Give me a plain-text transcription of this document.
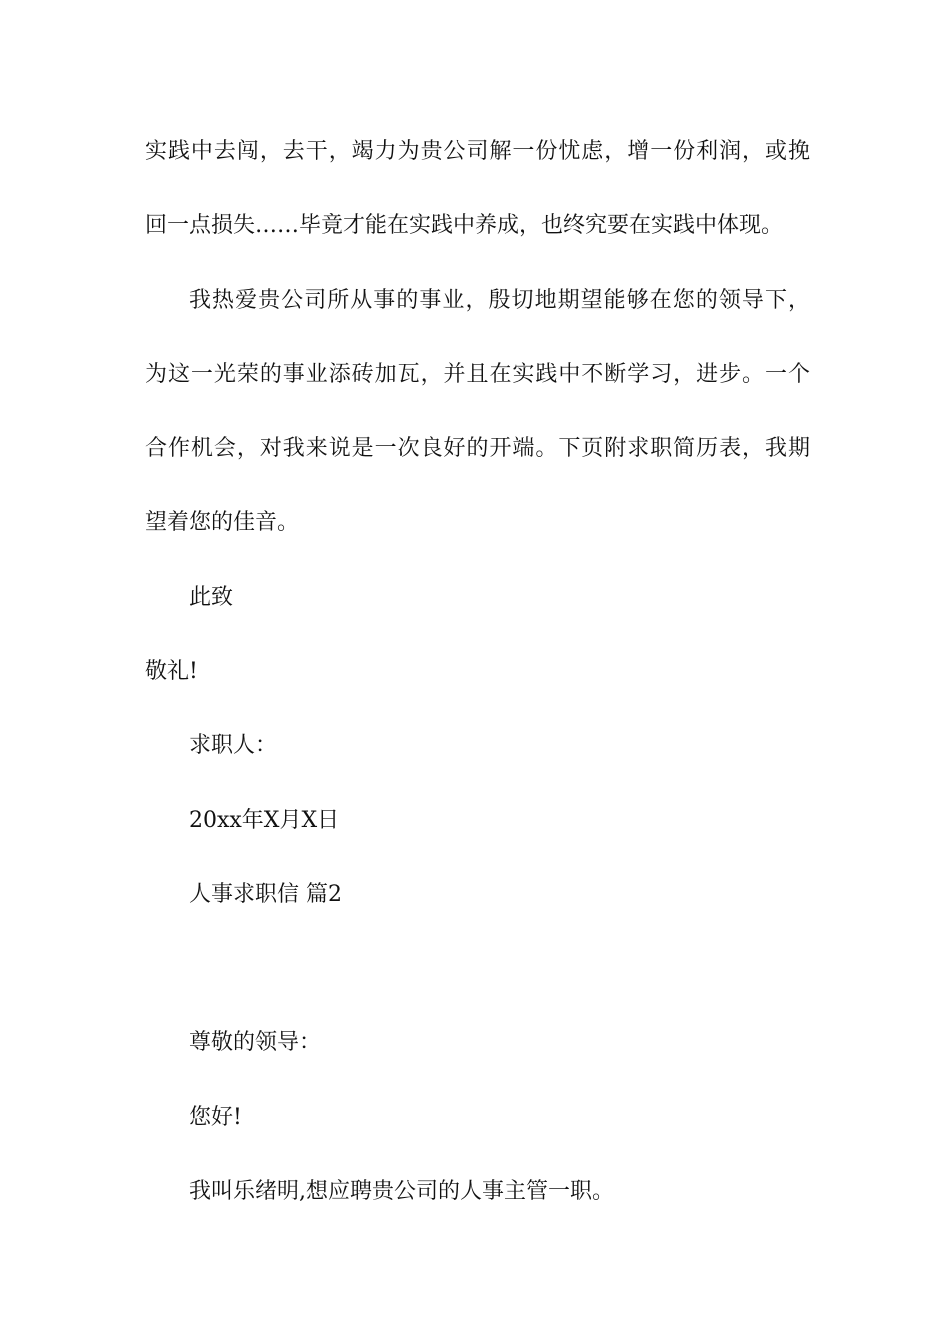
实践中去闯，去干，竭力为贵公司解一份忧虑，增一份利润，或挽
回一点损失……毕竟才能在实践中养成，也终究要在实践中体现。
我热爱贵公司所从事的事业，殷切地期望能够在您的领导下，
为这一光荣的事业添砖加瓦，并且在实践中不断学习，进步。一个
合作机会，对我来说是一次良好的开端。下页附求职简历表，我期
望着您的佳音。
此致
敬礼!
求职人：
20xx年X月X日
人事求职信 篇2
尊敬的领导：
您好!
我叫乐绪明,想应聘贵公司的人事主管一职。
